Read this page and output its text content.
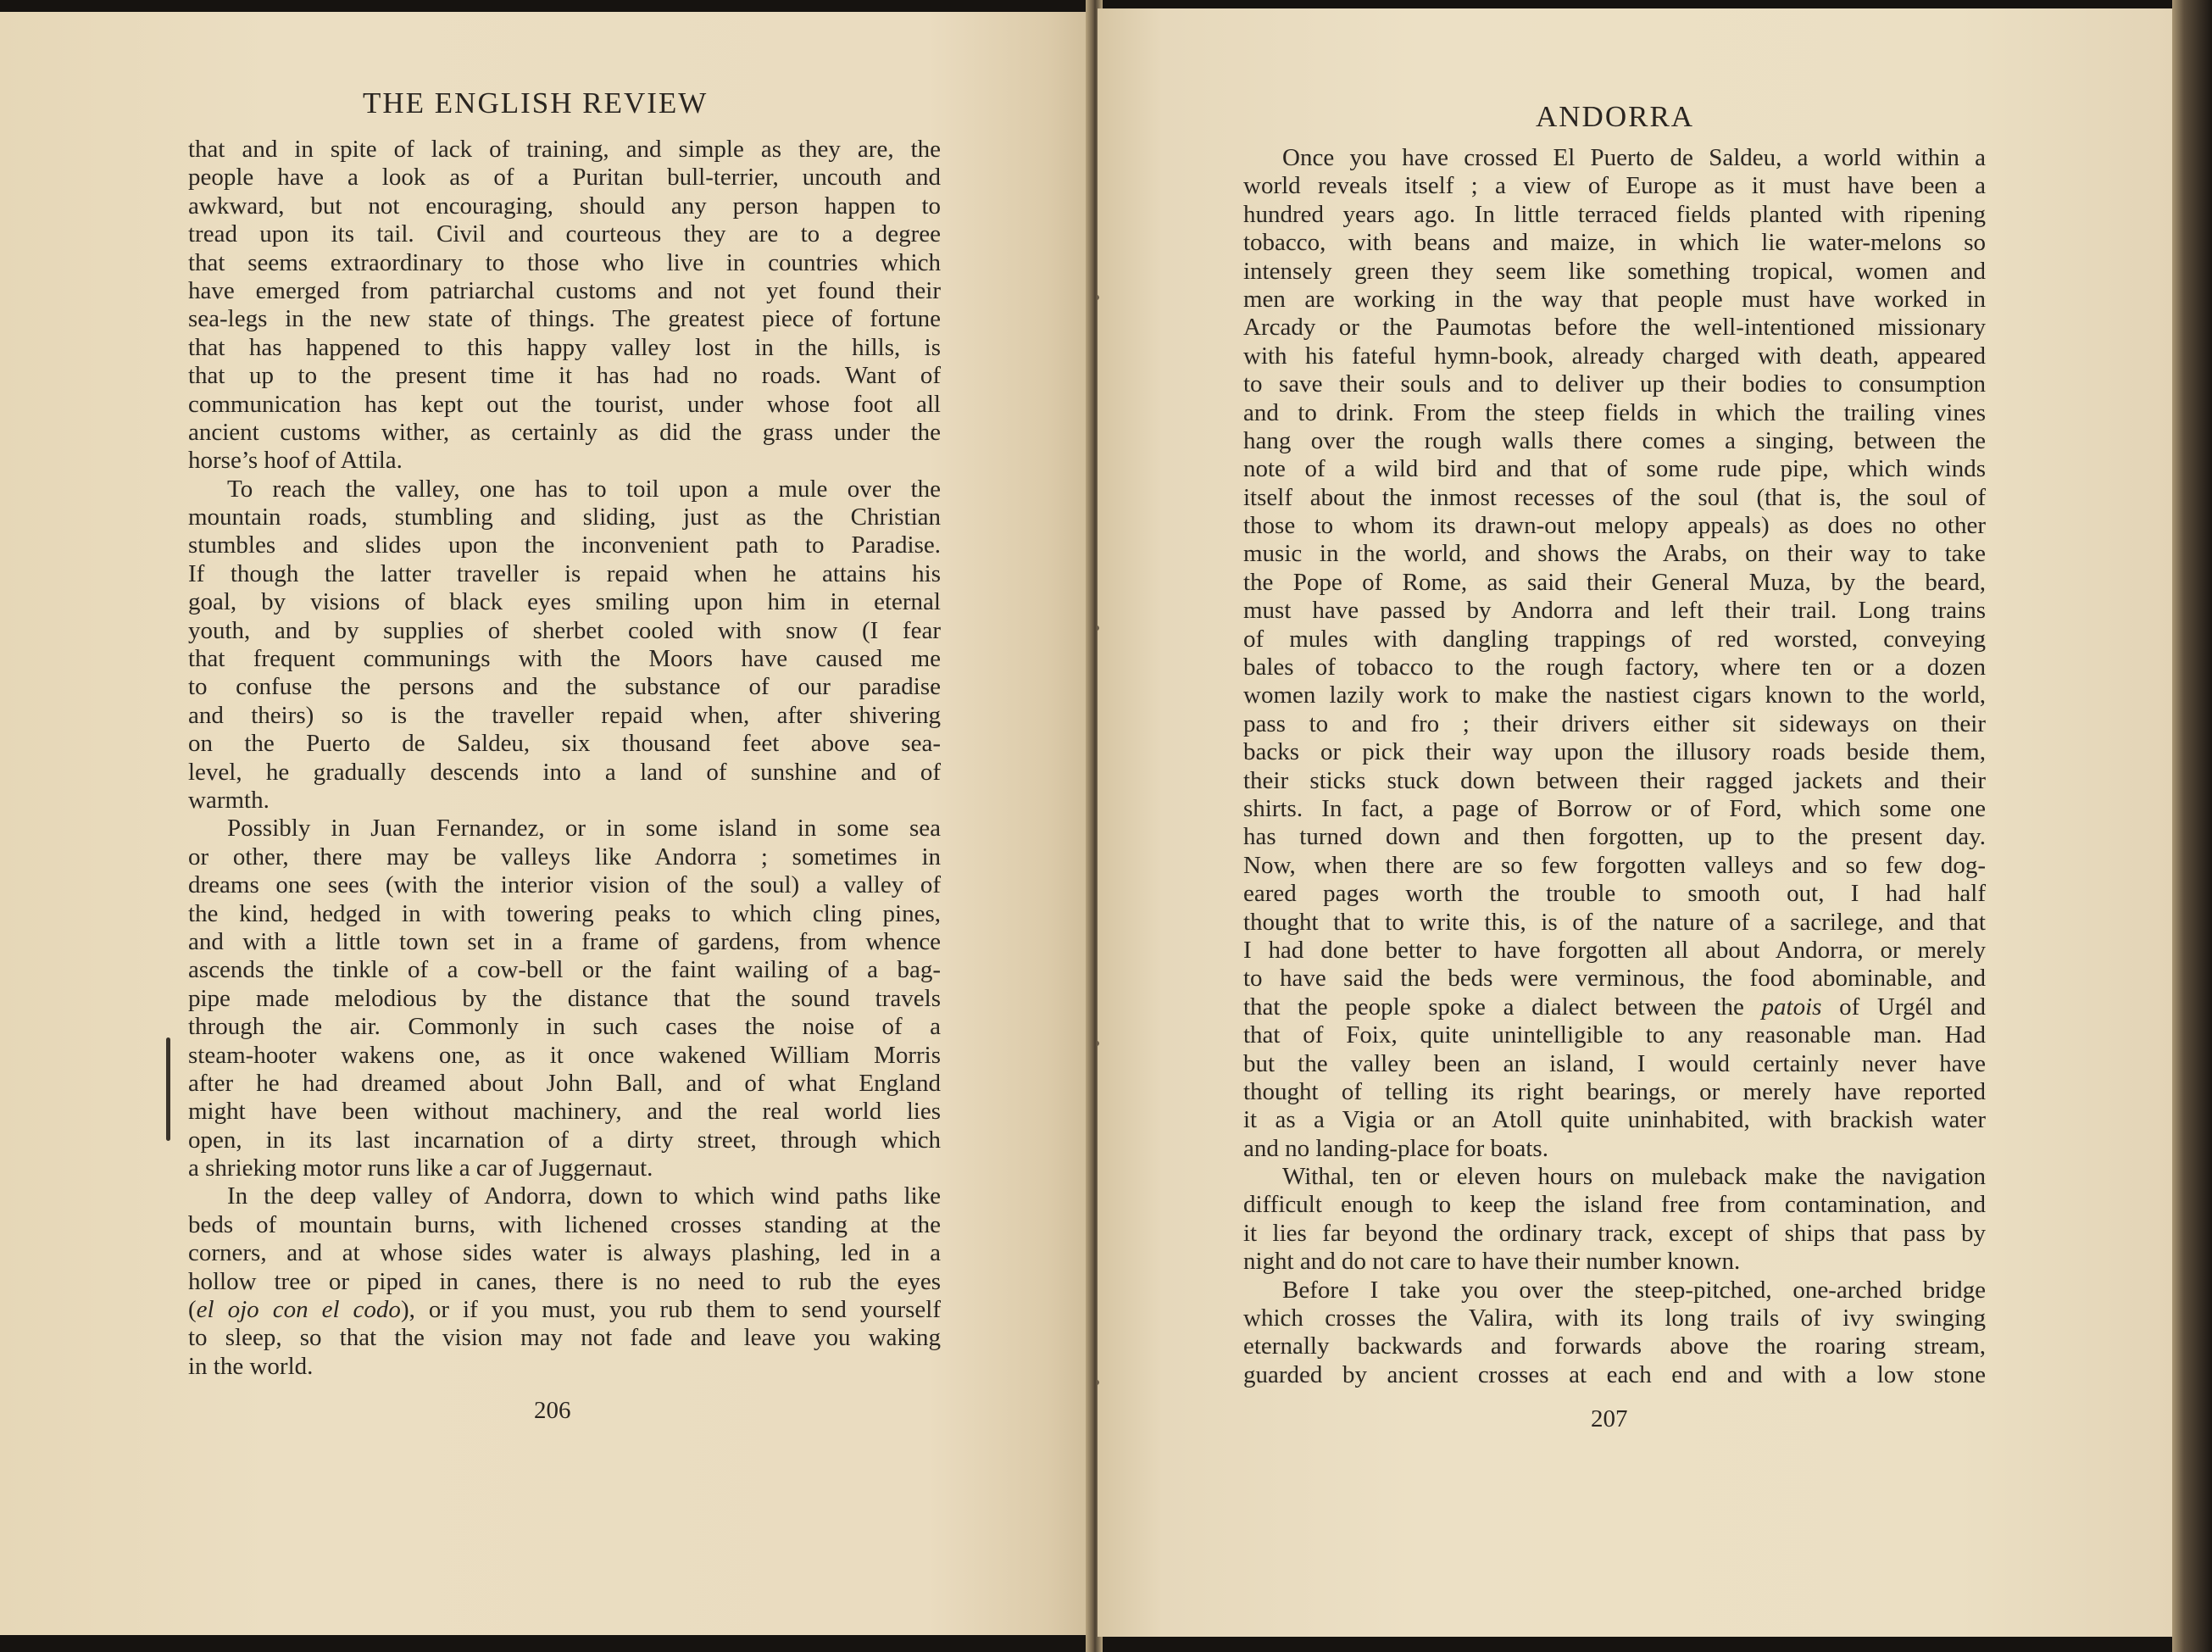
THE ENGLISH REVIEW
that and in spite of lack of training, and simple as they are, the
people have a look as of a Puritan bull-terrier, uncouth and
awkward, but not encouraging, should any person happen to
tread upon its tail. Civil and courteous they are to a degree
that seems extraordinary to those who live in countries which
have emerged from patriarchal customs and not yet found their
sea-legs in the new state of things. The greatest piece of fortune
that has happened to this happy valley lost in the hills, is
that up to the present time it has had no roads. Want of
communication has kept out the tourist, under whose foot all
ancient customs wither, as certainly as did the grass under the
horse’s hoof of Attila.
To reach the valley, one has to toil upon a mule over the
mountain roads, stumbling and sliding, just as the Christian
stumbles and slides upon the inconvenient path to Paradise.
If though the latter traveller is repaid when he attains his
goal, by visions of black eyes smiling upon him in eternal
youth, and by supplies of sherbet cooled with snow (I fear
that frequent communings with the Moors have caused me
to confuse the persons and the substance of our paradise
and theirs) so is the traveller repaid when, after shivering
on the Puerto de Saldeu, six thousand feet above sea-
level, he gradually descends into a land of sunshine and of
warmth.
Possibly in Juan Fernandez, or in some island in some sea
or other, there may be valleys like Andorra ; sometimes in
dreams one sees (with the interior vision of the soul) a valley of
the kind, hedged in with towering peaks to which cling pines,
and with a little town set in a frame of gardens, from whence
ascends the tinkle of a cow-bell or the faint wailing of a bag-
pipe made melodious by the distance that the sound travels
through the air. Commonly in such cases the noise of a
steam-hooter wakens one, as it once wakened William Morris
after he had dreamed about John Ball, and of what England
might have been without machinery, and the real world lies
open, in its last incarnation of a dirty street, through which
a shrieking motor runs like a car of Juggernaut.
In the deep valley of Andorra, down to which wind paths like
beds of mountain burns, with lichened crosses standing at the
corners, and at whose sides water is always plashing, led in a
hollow tree or piped in canes, there is no need to rub the eyes
(el ojo con el codo), or if you must, you rub them to send yourself
to sleep, so that the vision may not fade and leave you waking
in the world.
206
ANDORRA
Once you have crossed El Puerto de Saldeu, a world within a
world reveals itself ; a view of Europe as it must have been a
hundred years ago. In little terraced fields planted with ripening
tobacco, with beans and maize, in which lie water-melons so
intensely green they seem like something tropical, women and
men are working in the way that people must have worked in
Arcady or the Paumotas before the well-intentioned missionary
with his fateful hymn-book, already charged with death, appeared
to save their souls and to deliver up their bodies to consumption
and to drink. From the steep fields in which the trailing vines
hang over the rough walls there comes a singing, between the
note of a wild bird and that of some rude pipe, which winds
itself about the inmost recesses of the soul (that is, the soul of
those to whom its drawn-out melopy appeals) as does no other
music in the world, and shows the Arabs, on their way to take
the Pope of Rome, as said their General Muza, by the beard,
must have passed by Andorra and left their trail. Long trains
of mules with dangling trappings of red worsted, conveying
bales of tobacco to the rough factory, where ten or a dozen
women lazily work to make the nastiest cigars known to the world,
pass to and fro ; their drivers either sit sideways on their
backs or pick their way upon the illusory roads beside them,
their sticks stuck down between their ragged jackets and their
shirts. In fact, a page of Borrow or of Ford, which some one
has turned down and then forgotten, up to the present day.
Now, when there are so few forgotten valleys and so few dog-
eared pages worth the trouble to smooth out, I had half
thought that to write this, is of the nature of a sacrilege, and that
I had done better to have forgotten all about Andorra, or merely
to have said the beds were verminous, the food abominable, and
that the people spoke a dialect between the patois of Urgél and
that of Foix, quite unintelligible to any reasonable man. Had
but the valley been an island, I would certainly never have
thought of telling its right bearings, or merely have reported
it as a Vigia or an Atoll quite uninhabited, with brackish water
and no landing-place for boats.
Withal, ten or eleven hours on muleback make the navigation
difficult enough to keep the island free from contamination, and
it lies far beyond the ordinary track, except of ships that pass by
night and do not care to have their number known.
Before I take you over the steep-pitched, one-arched bridge
which crosses the Valira, with its long trails of ivy swinging
eternally backwards and forwards above the roaring stream,
guarded by ancient crosses at each end and with a low stone
207
